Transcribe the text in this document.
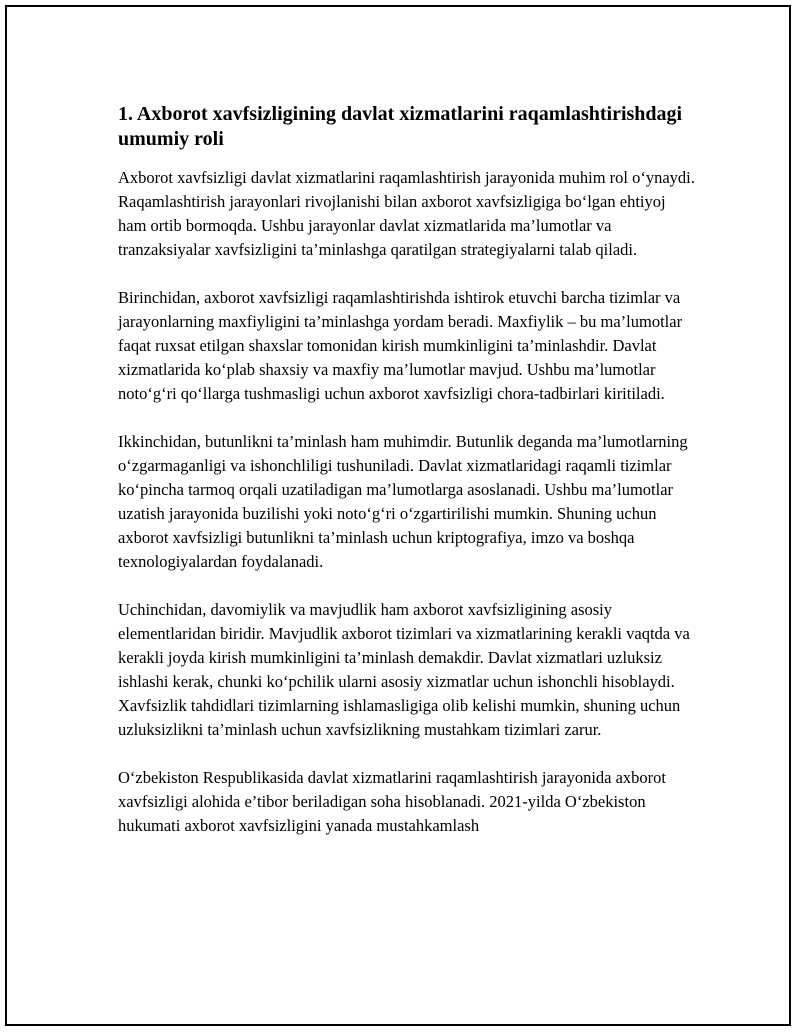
1. Axborot xavfsizligining davlat xizmatlarini raqamlashtirishdagi umumiy roli

Axborot xavfsizligi davlat xizmatlarini raqamlashtirish jarayonida muhim rol o‘ynaydi. Raqamlashtirish jarayonlari rivojlanishi bilan axborot xavfsizligiga bo‘lgan ehtiyoj ham ortib bormoqda. Ushbu jarayonlar davlat xizmatlarida ma’lumotlar va tranzaksiyalar xavfsizligini ta’minlashga qaratilgan strategiyalarni talab qiladi.

Birinchidan, axborot xavfsizligi raqamlashtirishda ishtirok etuvchi barcha tizimlar va jarayonlarning maxfiyligini ta’minlashga yordam beradi. Maxfiylik – bu ma’lumotlar faqat ruxsat etilgan shaxslar tomonidan kirish mumkinligini ta’minlashdir. Davlat xizmatlarida ko‘plab shaxsiy va maxfiy ma’lumotlar mavjud. Ushbu ma’lumotlar noto‘g‘ri qo‘llarga tushmasligi uchun axborot xavfsizligi chora-tadbirlari kiritiladi.

Ikkinchidan, butunlikni ta’minlash ham muhimdir. Butunlik deganda ma’lumotlarning o‘zgarmaganligi va ishonchliligi tushuniladi. Davlat xizmatlaridagi raqamli tizimlar ko‘pincha tarmoq orqali uzatiladigan ma’lumotlarga asoslanadi. Ushbu ma’lumotlar uzatish jarayonida buzilishi yoki noto‘g‘ri o‘zgartirilishi mumkin. Shuning uchun axborot xavfsizligi butunlikni ta’minlash uchun kriptografiya, imzo va boshqa texnologiyalardan foydalanadi.

Uchinchidan, davomiylik va mavjudlik ham axborot xavfsizligining asosiy elementlaridan biridir. Mavjudlik axborot tizimlari va xizmatlarining kerakli vaqtda va kerakli joyda kirish mumkinligini ta’minlash demakdir. Davlat xizmatlari uzluksiz ishlashi kerak, chunki ko‘pchilik ularni asosiy xizmatlar uchun ishonchli hisoblaydi. Xavfsizlik tahdidlari tizimlarning ishlamasligiga olib kelishi mumkin, shuning uchun uzluksizlikni ta’minlash uchun xavfsizlikning mustahkam tizimlari zarur.

O‘zbekiston Respublikasida davlat xizmatlarini raqamlashtirish jarayonida axborot xavfsizligi alohida e’tibor beriladigan soha hisoblanadi. 2021-yilda O‘zbekiston hukumati axborot xavfsizligini yanada mustahkamlash
